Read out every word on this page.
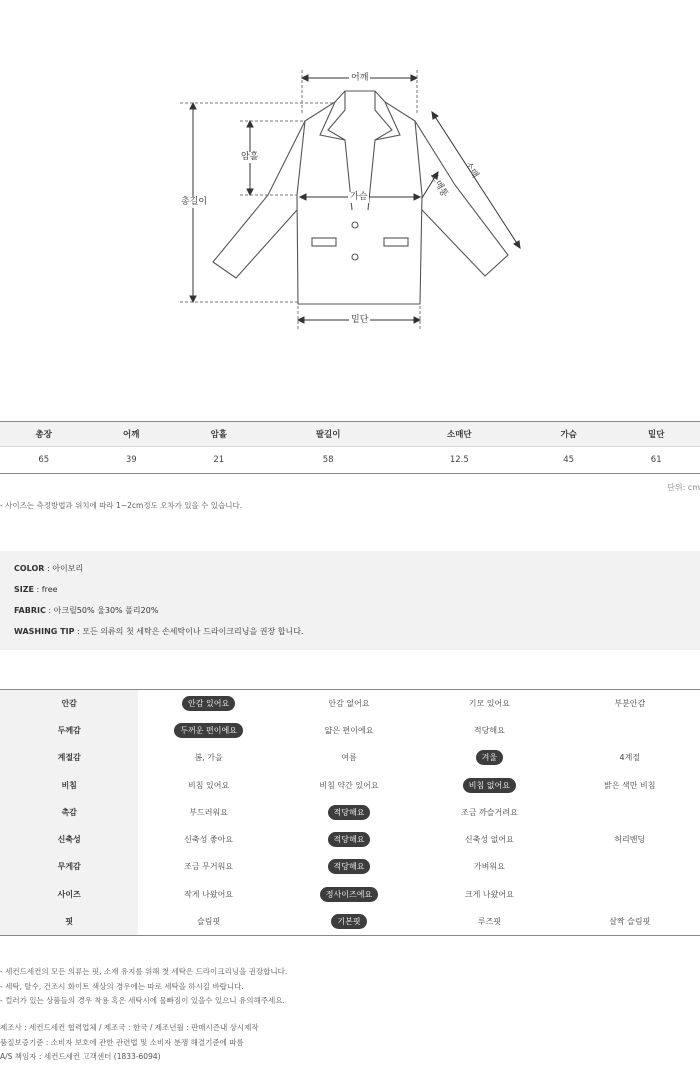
어깨
암홀
총길이	가슴
소매
소매통
밑단
총장	어깨	암홀	팔길이	소매단	가슴	밑단
65	39	21	58	12.5	45	61
단위: cm
- 사이즈는 측정방법과 위치에 따라 1~2cm정도 오차가 있을 수 있습니다.
COLOR : 아이보리
SIZE : free
FABRIC : 아크릴50% 울30% 폴리20%
WASHING TIP : 모든 의류의 첫 세탁은 손세탁이나 드라이크리닝을 권장 합니다.
안감	안감 있어요	안감 없어요	기모 있어요	부분안감
두께감	두꺼운 편이에요	얇은 편이에요	적당해요	
계절감	봄, 가을	여름	겨울	4계절
비침	비침 있어요	비침 약간 있어요	비침 없어요	밝은 색만 비침
촉감	부드러워요	적당해요	조금 까슬거려요	
신축성	신축성 좋아요	적당해요	신축성 없어요	허리밴딩
무게감	조금 무거워요	적당해요	가벼워요	
사이즈	작게 나왔어요	정사이즈에요	크게 나왔어요	
핏	슬림핏	기본핏	루즈핏	살짝 슬림핏
- 세컨드세컨의 모든 의류는 핏, 소재 유지를 위해 첫 세탁은 드라이크리닝을 권장합니다.
- 세탁, 탈수, 건조시 화이트 색상의 경우에는 따로 세탁을 하시길 바랍니다.
- 컬러가 있는 상품들의 경우 착용 혹은 세탁시에 물빠짐이 있을수 있으니 유의해주세요.
제조사 : 세컨드세컨 협력업체 / 제조국 : 한국 / 제조년월 : 판매시즌내 상시제작
품질보증기준 : 소비자 보호에 관한 관련법 및 소비자 분쟁 해결기준에 따름
A/S 책임자 : 세컨드세컨 고객센터 (1833-6094)
